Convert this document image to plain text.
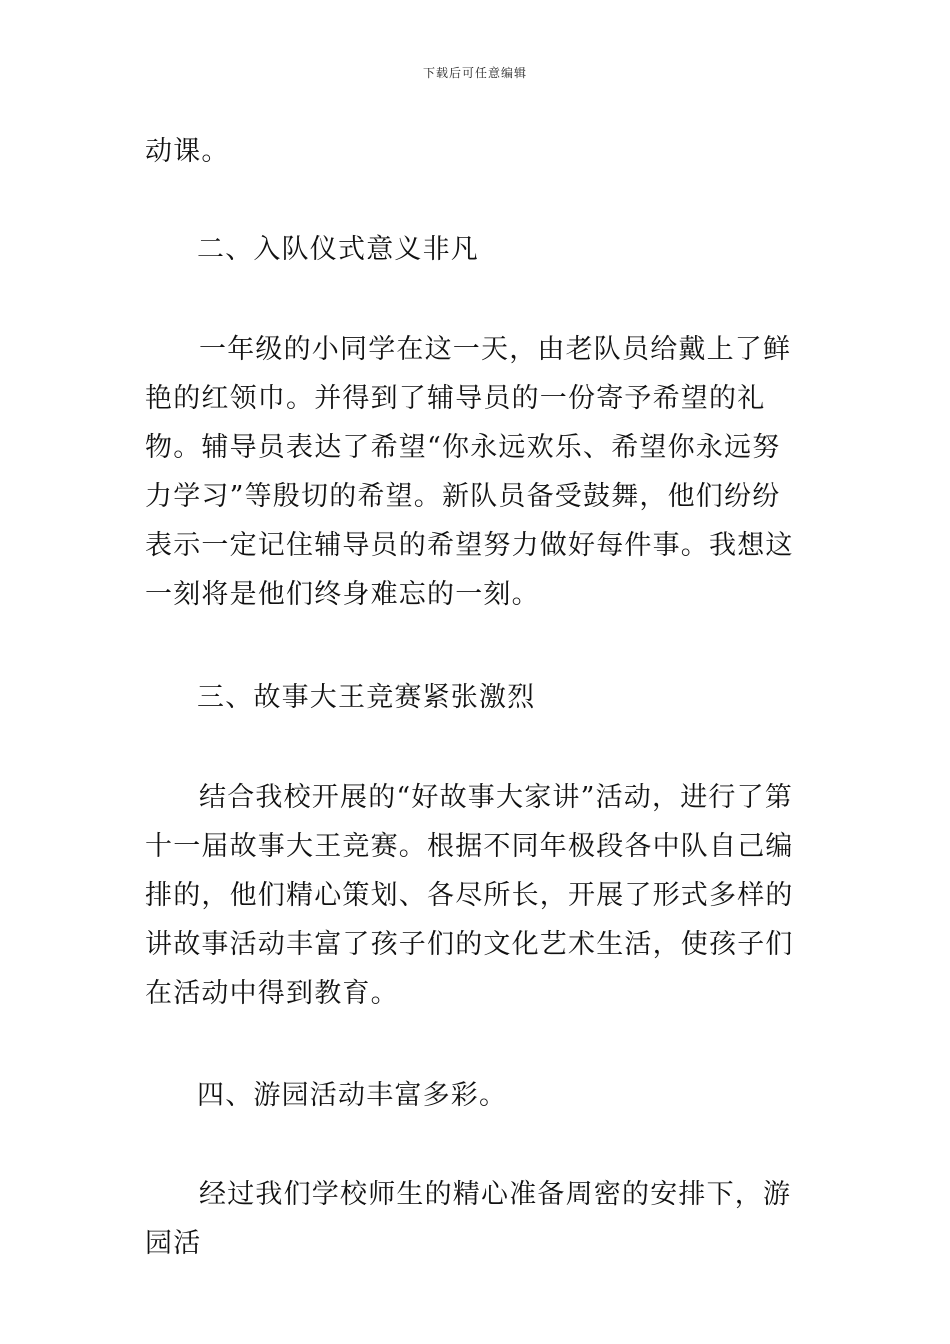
下载后可任意编辑

动课。

二、入队仪式意义非凡

一年级的小同学在这一天，由老队员给戴上了鲜艳的红领巾。并得到了辅导员的一份寄予希望的礼物。辅导员表达了希望“你永远欢乐、希望你永远努力学习”等殷切的希望。新队员备受鼓舞，他们纷纷表示一定记住辅导员的希望努力做好每件事。我想这一刻将是他们终身难忘的一刻。

三、故事大王竞赛紧张激烈

结合我校开展的“好故事大家讲”活动，进行了第十一届故事大王竞赛。根据不同年极段各中队自己编排的，他们精心策划、各尽所长，开展了形式多样的讲故事活动丰富了孩子们的文化艺术生活，使孩子们在活动中得到教育。

四、游园活动丰富多彩。

经过我们学校师生的精心准备周密的安排下，游园活
